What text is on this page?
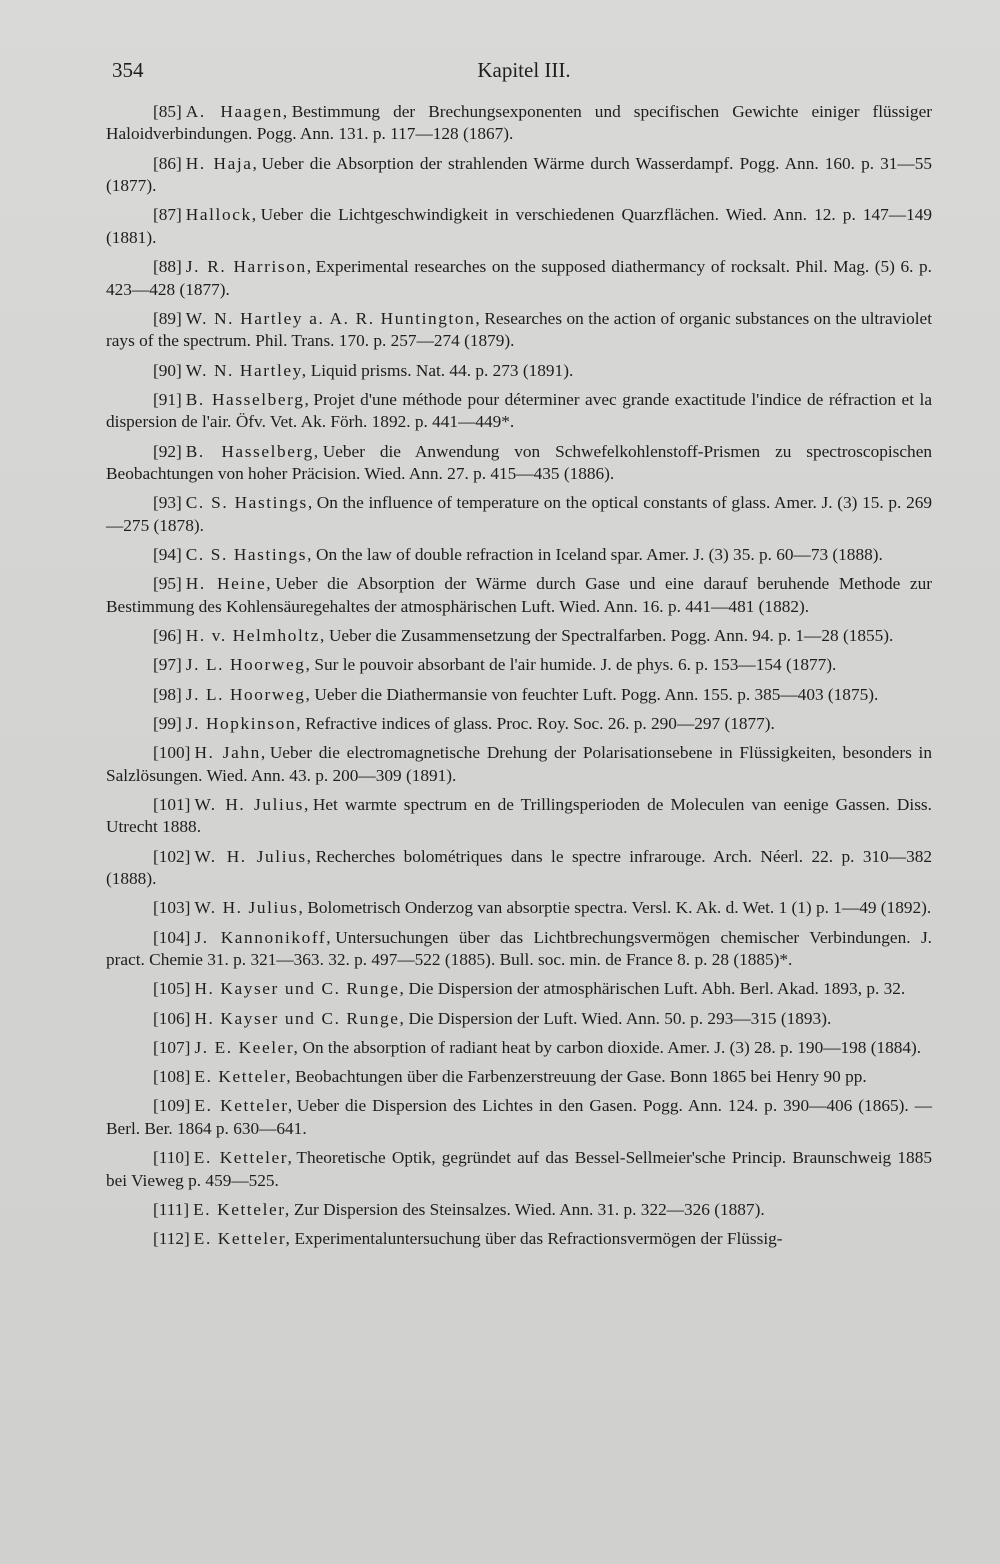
354	Kapitel III.

[85] A. Haagen, Bestimmung der Brechungsexponenten und specifischen Gewichte einiger flüssiger Haloidverbindungen. Pogg. Ann. 131. p. 117—128 (1867).

[86] H. Haja, Ueber die Absorption der strahlenden Wärme durch Wasserdampf. Pogg. Ann. 160. p. 31—55 (1877).

[87] Hallock, Ueber die Lichtgeschwindigkeit in verschiedenen Quarzflächen. Wied. Ann. 12. p. 147—149 (1881).

[88] J. R. Harrison, Experimental researches on the supposed diathermancy of rocksalt. Phil. Mag. (5) 6. p. 423—428 (1877).

[89] W. N. Hartley a. A. R. Huntington, Researches on the action of organic substances on the ultraviolet rays of the spectrum. Phil. Trans. 170. p. 257—274 (1879).

[90] W. N. Hartley, Liquid prisms. Nat. 44. p. 273 (1891).

[91] B. Hasselberg, Projet d'une méthode pour déterminer avec grande exactitude l'indice de réfraction et la dispersion de l'air. Öfv. Vet. Ak. Förh. 1892. p. 441—449*.

[92] B. Hasselberg, Ueber die Anwendung von Schwefelkohlenstoff-Prismen zu spectroscopischen Beobachtungen von hoher Präcision. Wied. Ann. 27. p. 415—435 (1886).

[93] C. S. Hastings, On the influence of temperature on the optical constants of glass. Amer. J. (3) 15. p. 269—275 (1878).

[94] C. S. Hastings, On the law of double refraction in Iceland spar. Amer. J. (3) 35. p. 60—73 (1888).

[95] H. Heine, Ueber die Absorption der Wärme durch Gase und eine darauf beruhende Methode zur Bestimmung des Kohlensäuregehaltes der atmosphärischen Luft. Wied. Ann. 16. p. 441—481 (1882).

[96] H. v. Helmholtz, Ueber die Zusammensetzung der Spectralfarben. Pogg. Ann. 94. p. 1—28 (1855).

[97] J. L. Hoorweg, Sur le pouvoir absorbant de l'air humide. J. de phys. 6. p. 153—154 (1877).

[98] J. L. Hoorweg, Ueber die Diathermansie von feuchter Luft. Pogg. Ann. 155. p. 385—403 (1875).

[99] J. Hopkinson, Refractive indices of glass. Proc. Roy. Soc. 26. p. 290—297 (1877).

[100] H. Jahn, Ueber die electromagnetische Drehung der Polarisationsebene in Flüssigkeiten, besonders in Salzlösungen. Wied. Ann. 43. p. 200—309 (1891).

[101] W. H. Julius, Het warmte spectrum en de Trillingsperioden de Moleculen van eenige Gassen. Diss. Utrecht 1888.

[102] W. H. Julius, Recherches bolométriques dans le spectre infrarouge. Arch. Néerl. 22. p. 310—382 (1888).

[103] W. H. Julius, Bolometrisch Onderzog van absorptie spectra. Versl. K. Ak. d. Wet. 1 (1) p. 1—49 (1892).

[104] J. Kannonikoff, Untersuchungen über das Lichtbrechungsvermögen chemischer Verbindungen. J. pract. Chemie 31. p. 321—363. 32. p. 497—522 (1885). Bull. soc. min. de France 8. p. 28 (1885)*.

[105] H. Kayser und C. Runge, Die Dispersion der atmosphärischen Luft. Abh. Berl. Akad. 1893, p. 32.

[106] H. Kayser und C. Runge, Die Dispersion der Luft. Wied. Ann. 50. p. 293—315 (1893).

[107] J. E. Keeler, On the absorption of radiant heat by carbon dioxide. Amer. J. (3) 28. p. 190—198 (1884).

[108] E. Ketteler, Beobachtungen über die Farbenzerstreuung der Gase. Bonn 1865 bei Henry 90 pp.

[109] E. Ketteler, Ueber die Dispersion des Lichtes in den Gasen. Pogg. Ann. 124. p. 390—406 (1865). — Berl. Ber. 1864 p. 630—641.

[110] E. Ketteler, Theoretische Optik, gegründet auf das Bessel-Sellmeier'sche Princip. Braunschweig 1885 bei Vieweg p. 459—525.

[111] E. Ketteler, Zur Dispersion des Steinsalzes. Wied. Ann. 31. p. 322—326 (1887).

[112] E. Ketteler, Experimentaluntersuchung über das Refractionsvermögen der Flüssig-
